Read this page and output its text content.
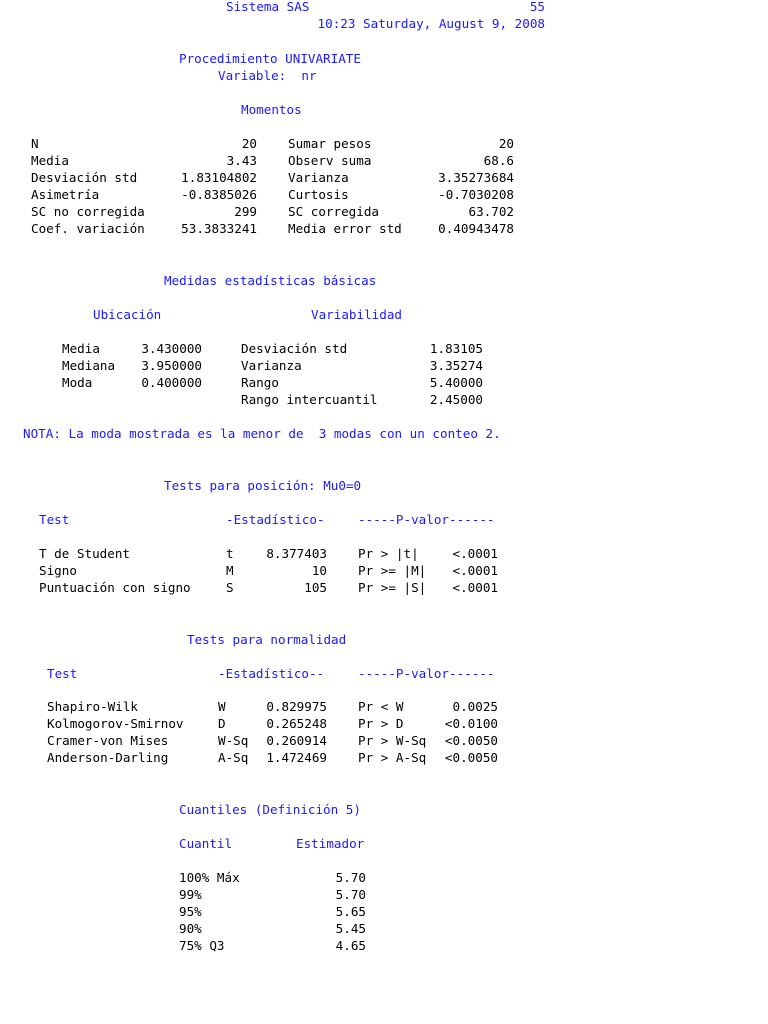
Sistema SAS	55
10:23 Saturday, August 9, 2008
Procedimiento UNIVARIATE
Variable:  nr
Momentos
N	20 Sumar pesos	20
Media	3.43 Observ suma	68.6
Desviación std	1.83104802 Varianza	3.35273684
Asimetría	-0.8385026 Curtosis	-0.7030208
SC no corregida	299 SC corregida	63.702
Coef. variación	53.3833241 Media error std	0.40943478
Medidas estadísticas básicas
Ubicación	Variabilidad
Media	3.430000	Desviación std	1.83105
Mediana	3.950000	Varianza	3.35274
Moda	0.400000	Rango	5.40000
Rango intercuantil	2.45000
NOTA: La moda mostrada es la menor de  3 modas con un conteo 2.
Tests para posición: Mu0=0
Test	-Estadístico-	-----P-valor------
T de Student	t	8.377403 Pr > |t|	<.0001
Signo	M	10 Pr >= |M|	<.0001
Puntuación con signo	S	105 Pr >= |S|	<.0001
Tests para normalidad
Test	-Estadístico--	-----P-valor------
Shapiro-Wilk	W	0.829975 Pr < W	0.0025
Kolmogorov-Smirnov	D	0.265248 Pr > D	<0.0100
Cramer-von Mises	W-Sq	0.260914 Pr > W-Sq	<0.0050
Anderson-Darling	A-Sq	1.472469 Pr > A-Sq	<0.0050
Cuantiles (Definición 5)
Cuantil	Estimador
100% Máx	5.70
99%	5.70
95%	5.65
90%	5.45
75% Q3	4.65
